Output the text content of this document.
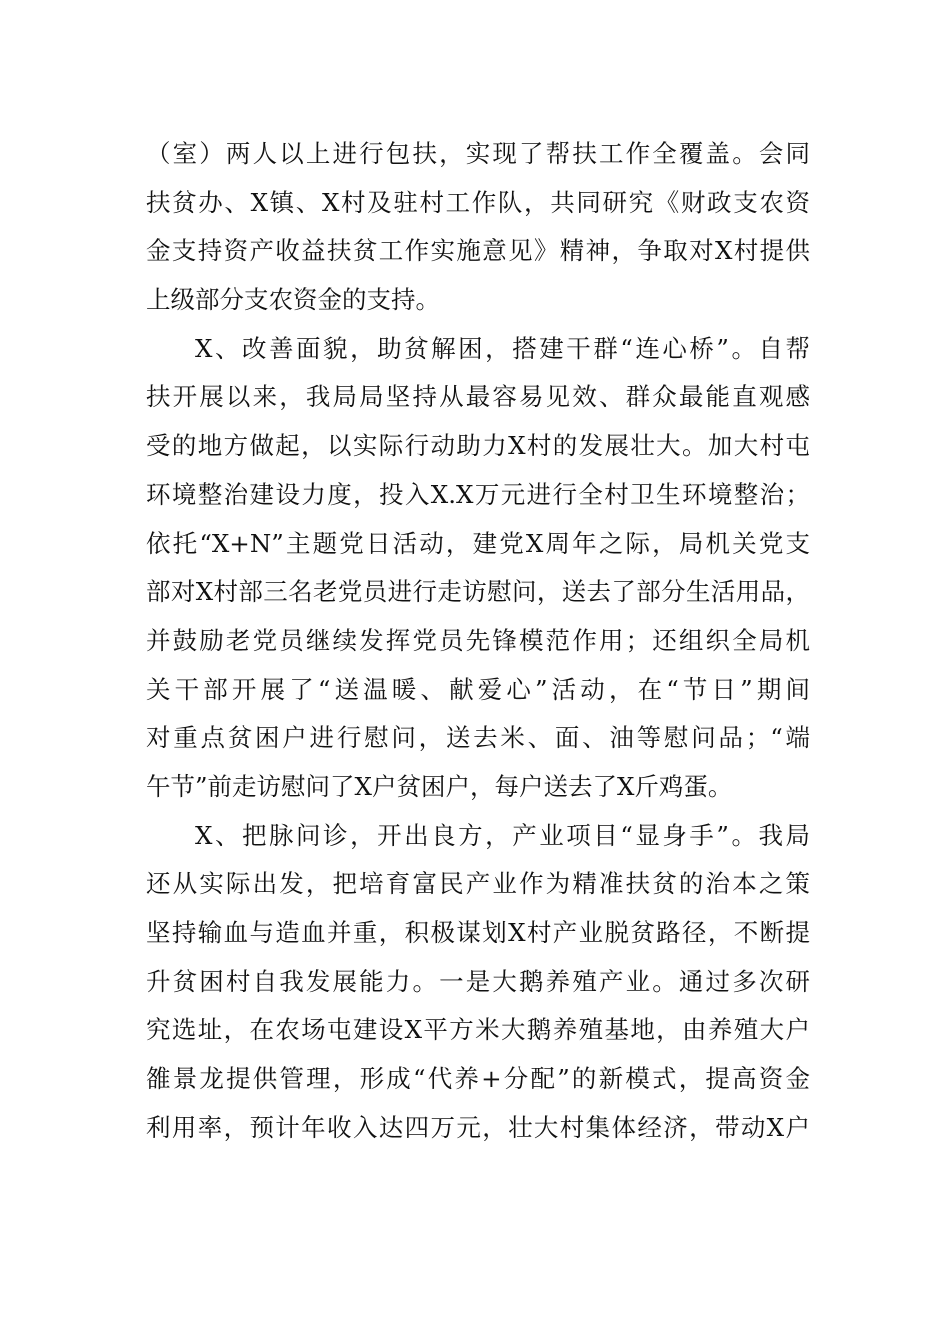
（室）两人以上进行包扶，实现了帮扶工作全覆盖。会同
扶贫办、X镇、X村及驻村工作队，共同研究《财政支农资
金支持资产收益扶贫工作实施意见》精神，争取对X村提供
上级部分支农资金的支持。
X、改善面貌，助贫解困，搭建干群“连心桥”。自帮
扶开展以来，我局局坚持从最容易见效、群众最能直观感
受的地方做起，以实际行动助力X村的发展壮大。加大村屯
环境整治建设力度，投入X.X万元进行全村卫生环境整治；
依托“X+N”主题党日活动，建党X周年之际，局机关党支
部对X村部三名老党员进行走访慰问，送去了部分生活用品，
并鼓励老党员继续发挥党员先锋模范作用；还组织全局机
关干部开展了“送温暖、献爱心”活动，在“节日”期间
对重点贫困户进行慰问，送去米、面、油等慰问品；“端
午节”前走访慰问了X户贫困户，每户送去了X斤鸡蛋。
X、把脉问诊，开出良方，产业项目“显身手”。我局
还从实际出发，把培育富民产业作为精准扶贫的治本之策
坚持输血与造血并重，积极谋划X村产业脱贫路径，不断提
升贫困村自我发展能力。一是大鹅养殖产业。通过多次研
究选址，在农场屯建设X平方米大鹅养殖基地，由养殖大户
雒景龙提供管理，形成“代养+分配”的新模式，提高资金
利用率，预计年收入达四万元，壮大村集体经济，带动X户
